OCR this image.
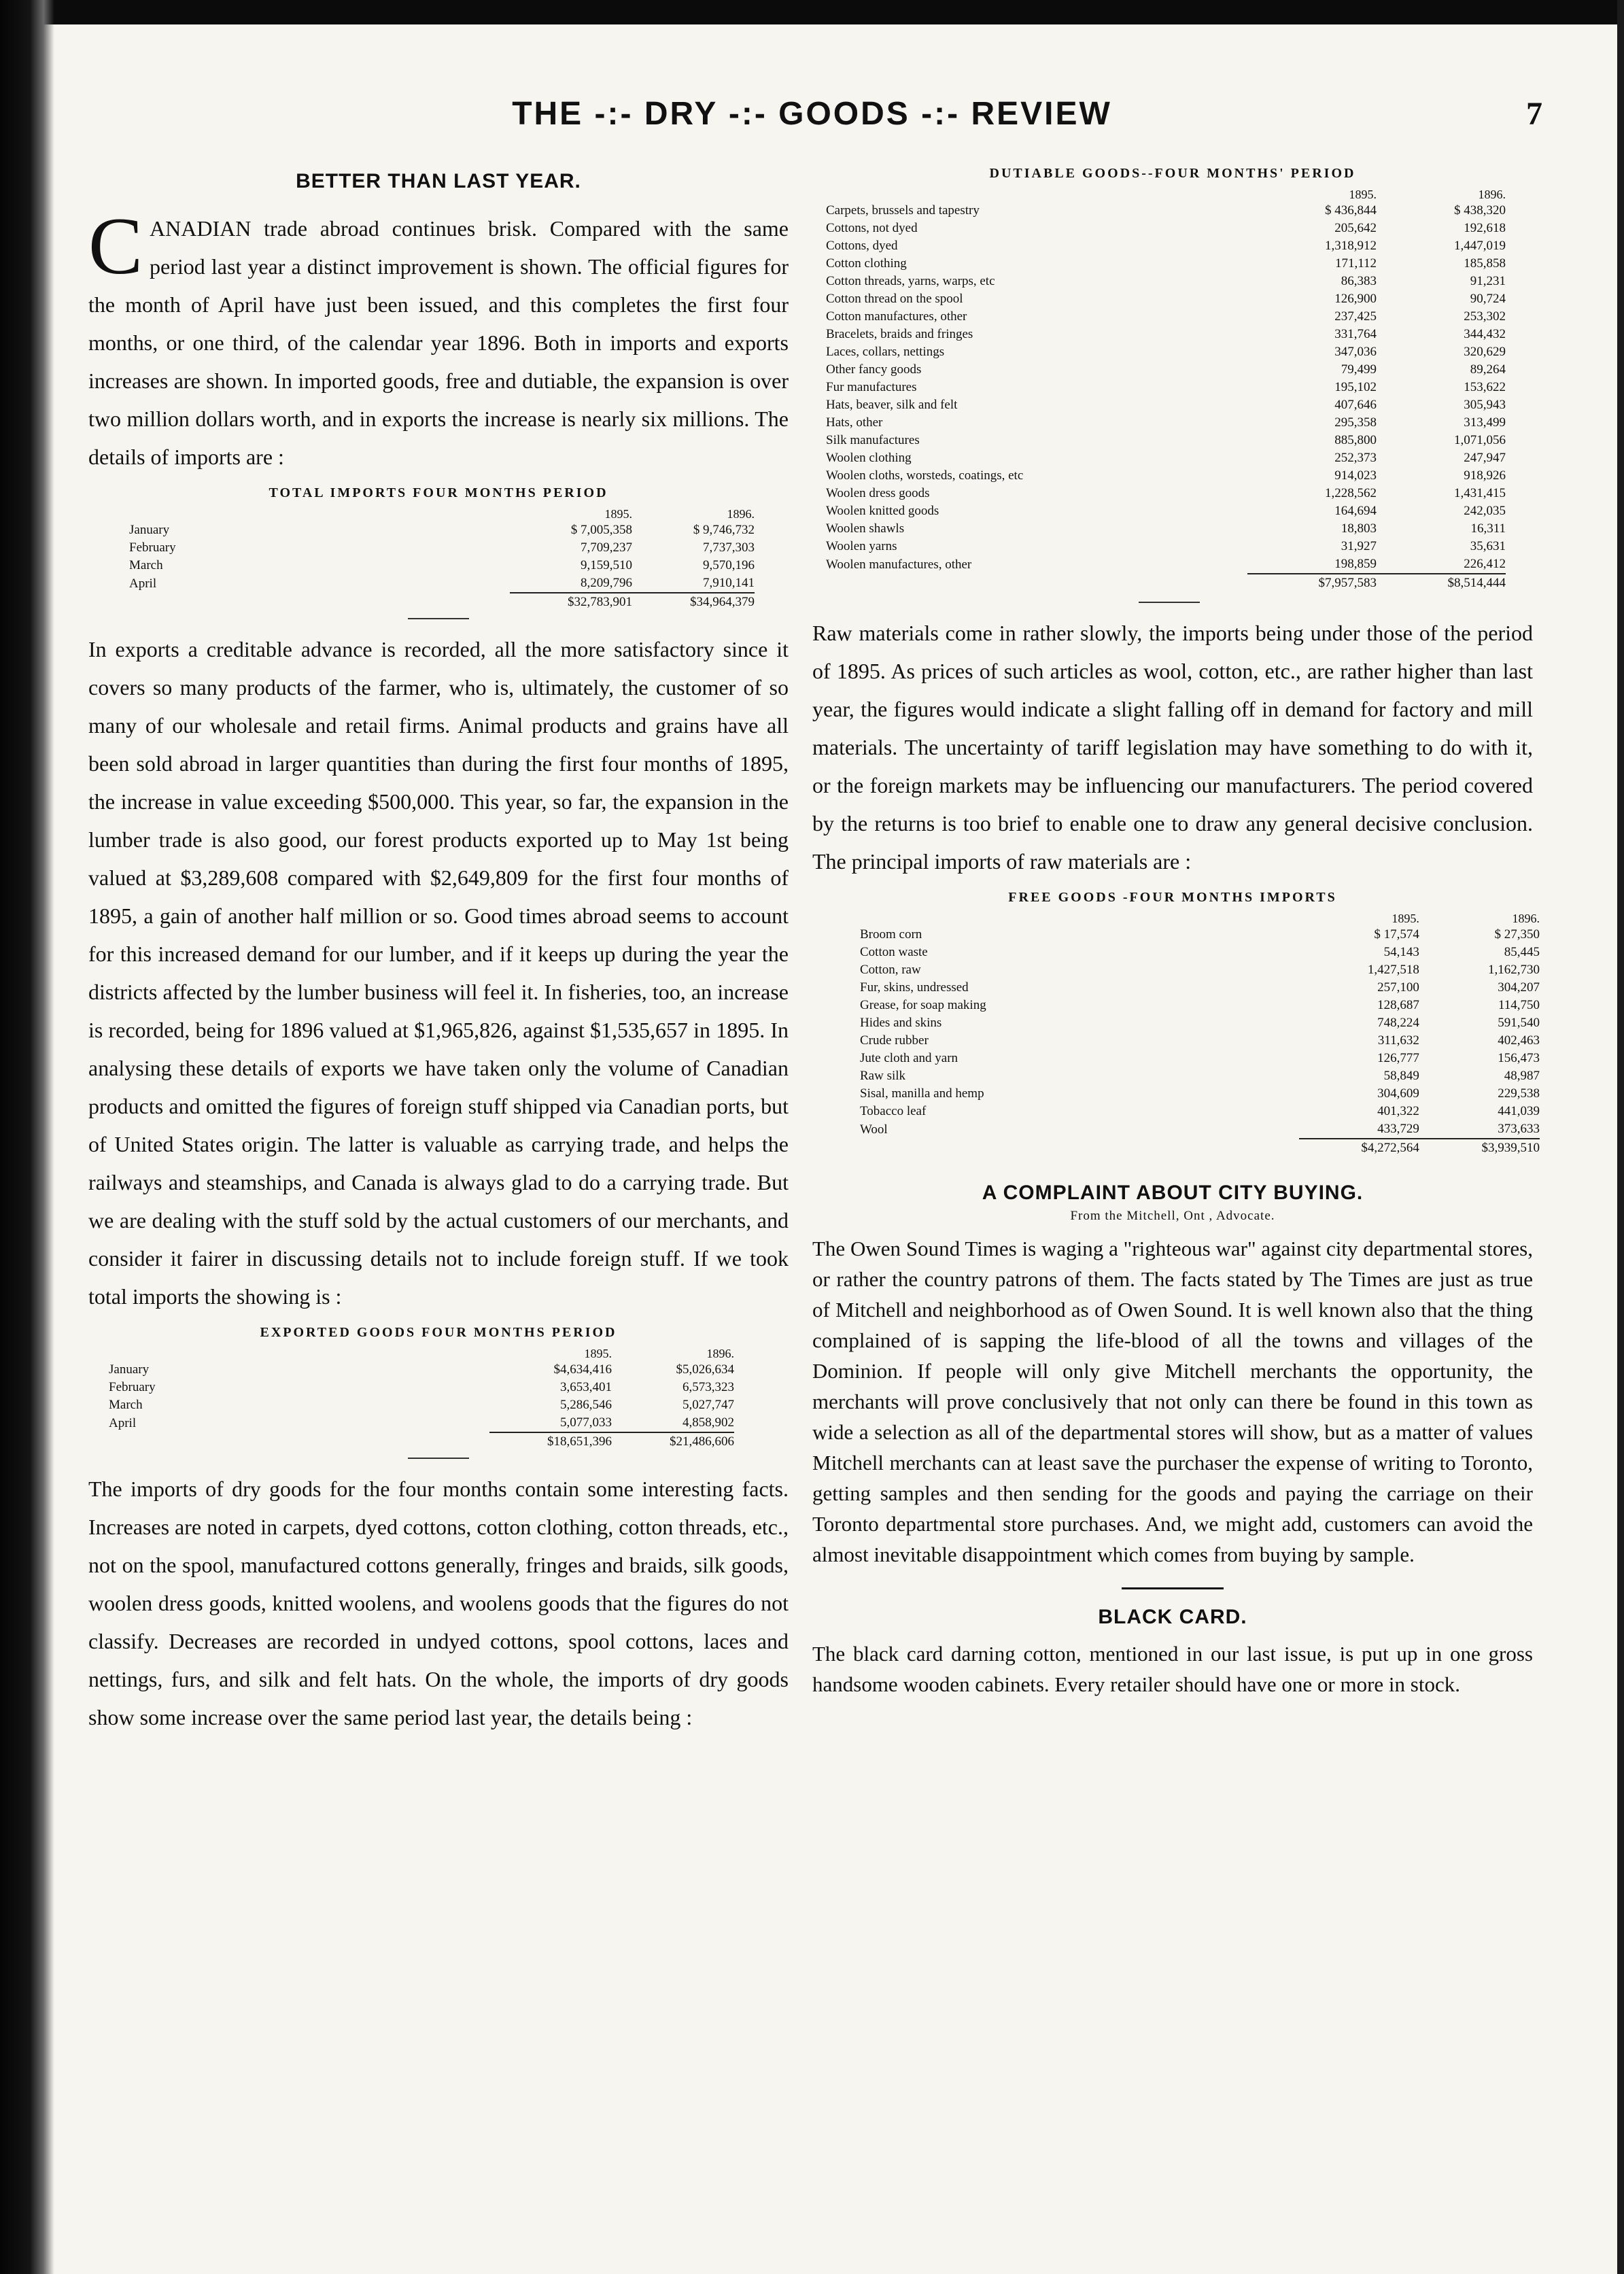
THE -:- DRY -:- GOODS -:- REVIEW	7
BETTER THAN LAST YEAR.

CANADIAN trade abroad continues brisk. Compared with the same period last year a distinct improvement is shown. The official figures for the month of April have just been issued, and this completes the first four months, or one third, of the calendar year 1896. Both in imports and exports increases are shown. In imported goods, free and dutiable, the expansion is over two million dollars worth, and in exports the increase is nearly six millions. The details of imports are :

TOTAL IMPORTS FOUR MONTHS PERIOD
	1895.	1896.
January	$ 7,005,358	$ 9,746,732
February	7,709,237	7,737,303
March	9,159,510	9,570,196
April	8,209,796	7,910,141
	$32,783,901	$34,964,379

In exports a creditable advance is recorded, all the more satisfactory since it covers so many products of the farmer, who is, ultimately, the customer of so many of our wholesale and retail firms. Animal products and grains have all been sold abroad in larger quantities than during the first four months of 1895, the increase in value exceeding $500,000. This year, so far, the expansion in the lumber trade is also good, our forest products exported up to May 1st being valued at $3,289,608 compared with $2,649,809 for the first four months of 1895, a gain of another half million or so. Good times abroad seems to account for this increased demand for our lumber, and if it keeps up during the year the districts affected by the lumber business will feel it. In fisheries, too, an increase is recorded, being for 1896 valued at $1,965,826, against $1,535,657 in 1895. In analysing these details of exports we have taken only the volume of Canadian products and omitted the figures of foreign stuff shipped via Canadian ports, but of United States origin. The latter is valuable as carrying trade, and helps the railways and steamships, and Canada is always glad to do a carrying trade. But we are dealing with the stuff sold by the actual customers of our merchants, and consider it fairer in discussing details not to include foreign stuff. If we took total imports the showing is :

EXPORTED GOODS FOUR MONTHS PERIOD
	1895.	1896.
January	$4,634,416	$5,026,634
February	3,653,401	6,573,323
March	5,286,546	5,027,747
April	5,077,033	4,858,902
	$18,651,396	$21,486,606

The imports of dry goods for the four months contain some interesting facts. Increases are noted in carpets, dyed cottons, cotton clothing, cotton threads, etc., not on the spool, manufactured cottons generally, fringes and braids, silk goods, woolen dress goods, knitted woolens, and woolens goods that the figures do not classify. Decreases are recorded in undyed cottons, spool cottons, laces and nettings, furs, and silk and felt hats. On the whole, the imports of dry goods show some increase over the same period last year, the details being :

DUTIABLE GOODS--FOUR MONTHS' PERIOD
	1895.	1896.
Carpets, brussels and tapestry	$ 436,844	$ 438,320
Cottons, not dyed	205,642	192,618
Cottons, dyed	1,318,912	1,447,019
Cotton clothing	171,112	185,858
Cotton threads, yarns, warps, etc	86,383	91,231
Cotton thread on the spool	126,900	90,724
Cotton manufactures, other	237,425	253,302
Bracelets, braids and fringes	331,764	344,432
Laces, collars, nettings	347,036	320,629
Other fancy goods	79,499	89,264
Fur manufactures	195,102	153,622
Hats, beaver, silk and felt	407,646	305,943
Hats, other	295,358	313,499
Silk manufactures	885,800	1,071,056
Woolen clothing	252,373	247,947
Woolen cloths, worsteds, coatings, etc	914,023	918,926
Woolen dress goods	1,228,562	1,431,415
Woolen knitted goods	164,694	242,035
Woolen shawls	18,803	16,311
Woolen yarns	31,927	35,631
Woolen manufactures, other	198,859	226,412
	$7,957,583	$8,514,444

Raw materials come in rather slowly, the imports being under those of the period of 1895. As prices of such articles as wool, cotton, etc., are rather higher than last year, the figures would indicate a slight falling off in demand for factory and mill materials. The uncertainty of tariff legislation may have something to do with it, or the foreign markets may be influencing our manufacturers. The period covered by the returns is too brief to enable one to draw any general decisive conclusion. The principal imports of raw materials are :

FREE GOODS -FOUR MONTHS IMPORTS
	1895.	1896.
Broom corn	$ 17,574	$ 27,350
Cotton waste	54,143	85,445
Cotton, raw	1,427,518	1,162,730
Fur, skins, undressed	257,100	304,207
Grease, for soap making	128,687	114,750
Hides and skins	748,224	591,540
Crude rubber	311,632	402,463
Jute cloth and yarn	126,777	156,473
Raw silk	58,849	48,987
Sisal, manilla and hemp	304,609	229,538
Tobacco leaf	401,322	441,039
Wool	433,729	373,633
	$4,272,564	$3,939,510
A COMPLAINT ABOUT CITY BUYING.
From the Mitchell, Ont , Advocate.

The Owen Sound Times is waging a "righteous war" against city departmental stores, or rather the country patrons of them. The facts stated by The Times are just as true of Mitchell and neighborhood as of Owen Sound. It is well known also that the thing complained of is sapping the life-blood of all the towns and villages of the Dominion. If people will only give Mitchell merchants the opportunity, the merchants will prove conclusively that not only can there be found in this town as wide a selection as all of the departmental stores will show, but as a matter of values Mitchell merchants can at least save the purchaser the expense of writing to Toronto, getting samples and then sending for the goods and paying the carriage on their Toronto departmental store purchases. And, we might add, customers can avoid the almost inevitable disappointment which comes from buying by sample.

BLACK CARD.

The black card darning cotton, mentioned in our last issue, is put up in one gross handsome wooden cabinets. Every retailer should have one or more in stock.
